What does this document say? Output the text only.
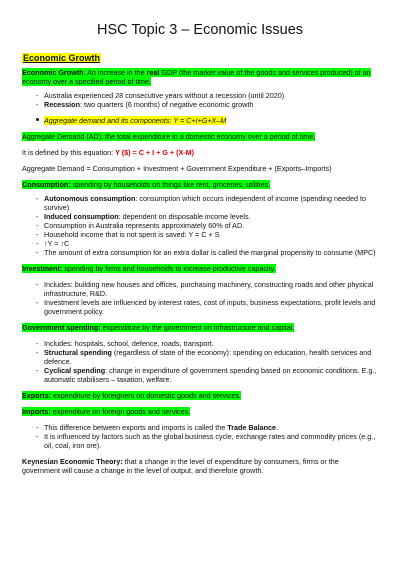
HSC Topic 3 – Economic Issues
Economic Growth

Economic Growth: An increase in the real GDP (the market value of the goods and services produced) of an economy over a specified period of time.

- Australia experienced 28 consecutive years without a recession (until 2020)
- Recession: two quarters (6 months) of negative economic growth
Aggregate demand and its components: Y = C+I+G+X–M

Aggregate Demand (AD): the total expenditure in a domestic economy over a period of time.

It is defined by this equation: Y ($) = C + I + G + (X-M)

Aggregate Demand = Consumption + Investment + Government Expenditure + (Exports–Imports)

Consumption: spending by households on things like rent, groceries, utilities.

- Autonomous consumption: consumption which occurs independent of income (spending needed to survive)
- Induced consumption: dependent on disposable income levels.
- Consumption in Australia represents approximately 60% of AD.
- Household income that is not spent is saved: Y = C + S
- ↑Y = ↑C
- The amount of extra consumption for an extra dollar is called the marginal propensity to consume (MPC)

Investment: spending by firms and households to increase productive capacity.

- Includes: building new houses and offices, purchasing machinery, constructing roads and other physical infrastructure, R&D.
- Investment levels are influenced by interest rates, cost of inputs, business expectations, profit levels and government policy.

Government spending: expenditure by the government on infrastructure and capital.

- Includes: hospitals, school, defence, roads, transport.
- Structural spending (regardless of state of the economy): spending on education, health services and defence.
- Cyclical spending: change in expenditure of government spending based on economic conditions. E.g., automatic stabilisers – taxation, welfare.

Exports: expenditure by foreigners on domestic goods and services.

Imports: expenditure on foreign goods and services.

- This difference between exports and imports is called the Trade Balance.
- It is influenced by factors such as the global business cycle, exchange rates and commodity prices (e.g., oil, coal, iron ore).

Keynesian Economic Theory: that a change in the level of expenditure by consumers, firms or the government will cause a change in the level of output, and therefore growth.
